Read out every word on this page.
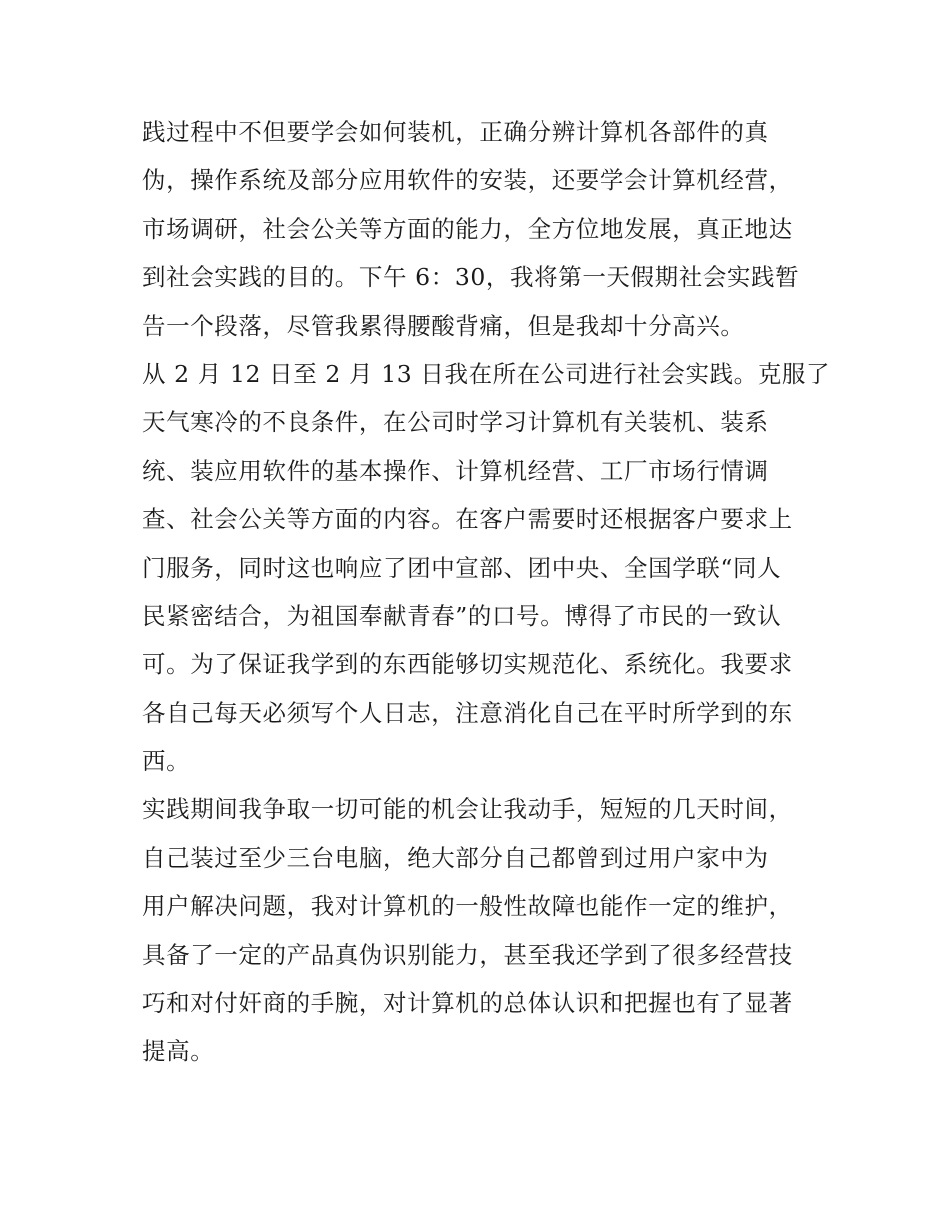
践过程中不但要学会如何装机，正确分辨计算机各部件的真
伪，操作系统及部分应用软件的安装，还要学会计算机经营，
市场调研，社会公关等方面的能力，全方位地发展，真正地达
到社会实践的目的。下午 6：30，我将第一天假期社会实践暂
告一个段落，尽管我累得腰酸背痛，但是我却十分高兴。
从 2 月 12 日至 2 月 13 日我在所在公司进行社会实践。克服了
天气寒冷的不良条件，在公司时学习计算机有关装机、装系
统、装应用软件的基本操作、计算机经营、工厂市场行情调
查、社会公关等方面的内容。在客户需要时还根据客户要求上
门服务，同时这也响应了团中宣部、团中央、全国学联“同人
民紧密结合，为祖国奉献青春”的口号。博得了市民的一致认
可。为了保证我学到的东西能够切实规范化、系统化。我要求
各自己每天必须写个人日志，注意消化自己在平时所学到的东
西。
实践期间我争取一切可能的机会让我动手，短短的几天时间，
自己装过至少三台电脑，绝大部分自己都曾到过用户家中为
用户解决问题，我对计算机的一般性故障也能作一定的维护，
具备了一定的产品真伪识别能力，甚至我还学到了很多经营技
巧和对付奸商的手腕，对计算机的总体认识和把握也有了显著
提高。
